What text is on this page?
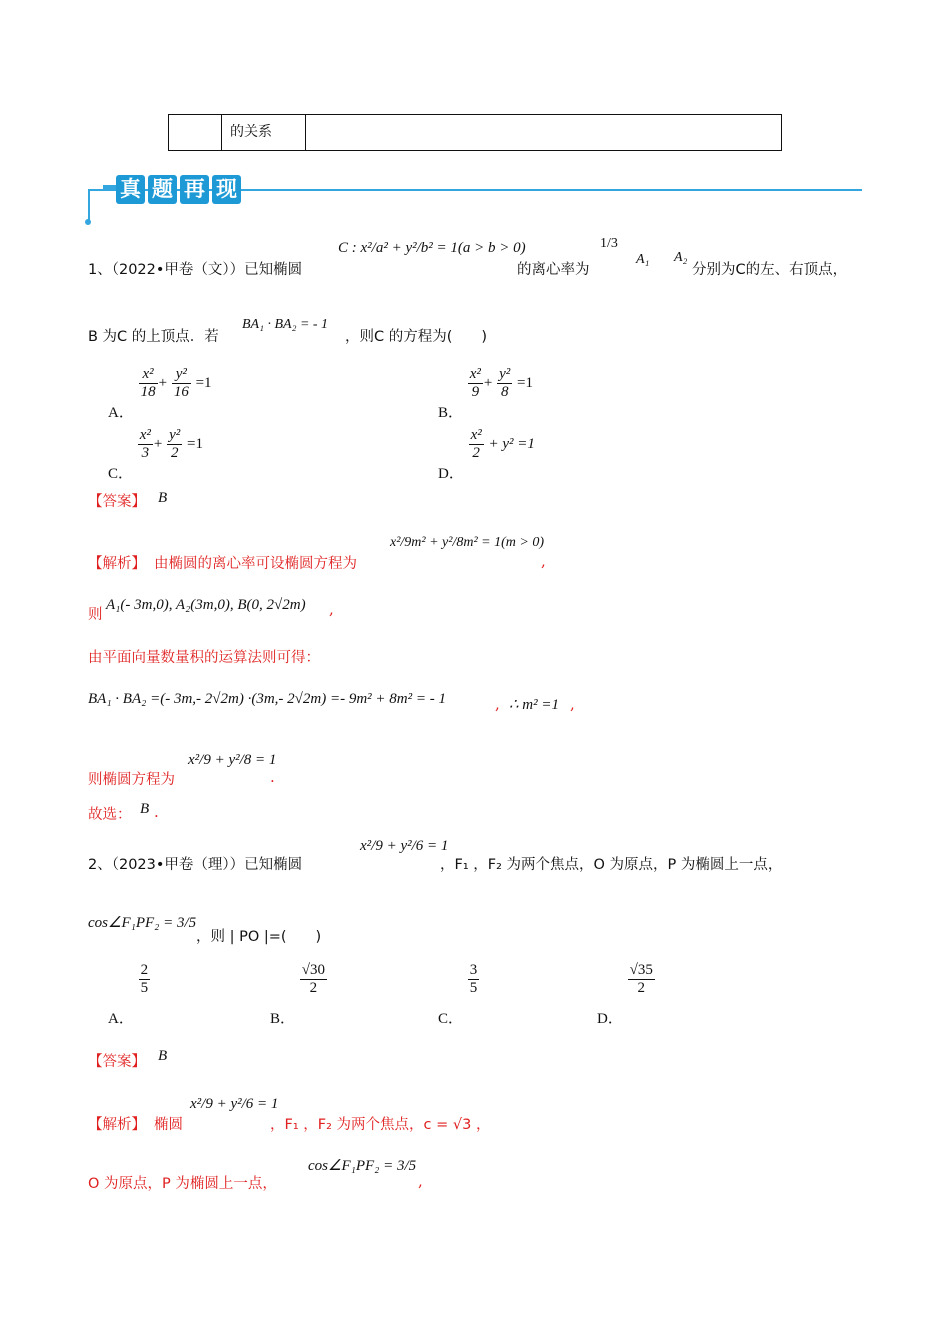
的关系
真 题 再 现
1、（2022•甲卷（文））已知椭圆
C : x²/a² + y²/b² = 1(a > b > 0)
的离心率为
1/3
A₁ A₂
分别为C的左、右顶点，
B 为C 的上顶点．若
BA₁ · BA₂ = - 1
，则C 的方程为(　　)
A．
$\frac{\text{x²}}{18} + \frac{\text{y²}}{16} =1$
B．
$\frac{\text{x²}}{9} + \frac{\text{y²}}{8} =1$
C．
$\frac{\text{x²}}{3} + \frac{\text{y²}}{2} =1$
D．
$\frac{\text{x²}}{2} + y^2 =1$
【答案】 B
【解析】 由椭圆的离心率可设椭圆方程为
x²/9m² + y²/8m² = 1(m > 0)
,
则
A₁(- 3m,0), A₂(3m,0), B(0, 2√2m) ,
由平面向量数量积的运算法则可得：
BA₁ · BA₂ =(- 3m,- 2√2m) ·(3m,- 2√2m) =- 9m² + 8m² = - 1	, ∴ m² =1 ,
则椭圆方程为
x²/9 + y²/8 = 1
.
故选： B .
2、（2023•甲卷（理））已知椭圆
x²/9 + y²/6 = 1
，F₁ ，F₂ 为两个焦点，O 为原点，P 为椭圆上一点，
cos∠F₁PF₂ = 3/5
，则 | PO |=(　　)
A．
$\frac{2}{5}$
B．
$\frac{√30}{2}$
C．
$\frac{3}{5}$
D．
$\frac{√35}{2}$
【答案】 B
【解析】 椭圆
x²/9 + y²/6 = 1
，F₁ ，F₂ 为两个焦点，c = √3 ，
O 为原点，P 为椭圆上一点，
cos∠F₁PF₂ = 3/5
,
